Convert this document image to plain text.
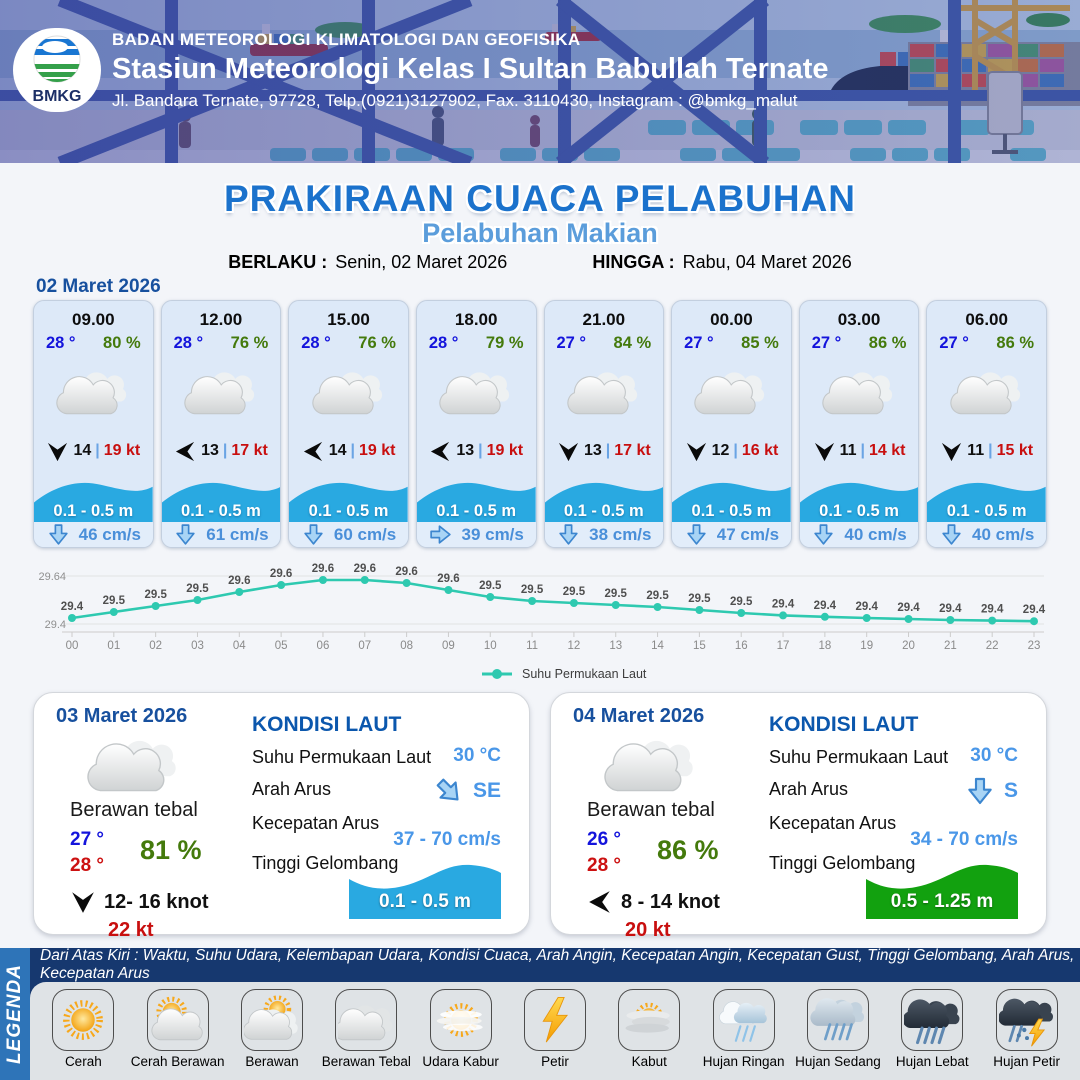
BMKG
BADAN METEOROLOGI KLIMATOLOGI DAN GEOFISIKA
Stasiun Meteorologi Kelas I Sultan Babullah Ternate
Jl. Bandara Ternate, 97728, Telp.(0921)3127902, Fax. 3110430, Instagram : @bmkg_malut
PRAKIRAAN CUACA PELABUHAN
Pelabuhan Makian
BERLAKU : Senin, 02 Maret 2026	HINGGA : Rabu, 04 Maret 2026
02 Maret 2026
09.00
28 ° 80 %
14 | 19 kt
0.1 - 0.5 m
46 cm/s
12.00
28 ° 76 %
13 | 17 kt
0.1 - 0.5 m
61 cm/s
15.00
28 ° 76 %
14 | 19 kt
0.1 - 0.5 m
60 cm/s
18.00
28 ° 79 %
13 | 19 kt
0.1 - 0.5 m
39 cm/s
21.00
27 ° 84 %
13 | 17 kt
0.1 - 0.5 m
38 cm/s
00.00
27 ° 85 %
12 | 16 kt
0.1 - 0.5 m
47 cm/s
03.00
27 ° 86 %
11 | 14 kt
0.1 - 0.5 m
40 cm/s
06.00
27 ° 86 %
11 | 15 kt
0.1 - 0.5 m
40 cm/s
29.64
29.4
29.4
00
29.5
01
29.5
02
29.5
03
29.6
04
29.6
05
29.6
06
29.6
07
29.6
08
29.6
09
29.5
10
29.5
11
29.5
12
29.5
13
29.5
14
29.5
15
29.5
16
29.4
17
29.4
18
29.4
19
29.4
20
29.4
21
29.4
22
29.4
23
Suhu Permukaan Laut
03 Maret 2026
Berawan tebal
27 °
28 °
81 %
12- 16 knot
22 kt
KONDISI LAUT
Suhu Permukaan Laut 30 °C
Arah Arus	SE
Kecepatan Arus
37 - 70 cm/s
Tinggi Gelombang
0.1 - 0.5 m
04 Maret 2026
Berawan tebal
26 °
28 °
86 %
8 - 14 knot
20 kt
KONDISI LAUT
Suhu Permukaan Laut 30 °C
Arah Arus	S
Kecepatan Arus
34 - 70 cm/s
Tinggi Gelombang
0.5 - 1.25 m
LEGENDA
Dari Atas Kiri : Waktu, Suhu Udara, Kelembapan Udara, Kondisi Cuaca, Arah Angin, Kecepatan Angin, Kecepatan Gust, Tinggi Gelombang, Arah Arus, Kecepatan Arus
Cerah Cerah Berawan Berawan Berawan Tebal Udara Kabur	Petir	Kabut	Hujan Ringan Hujan Sedang Hujan Lebat Hujan Petir
